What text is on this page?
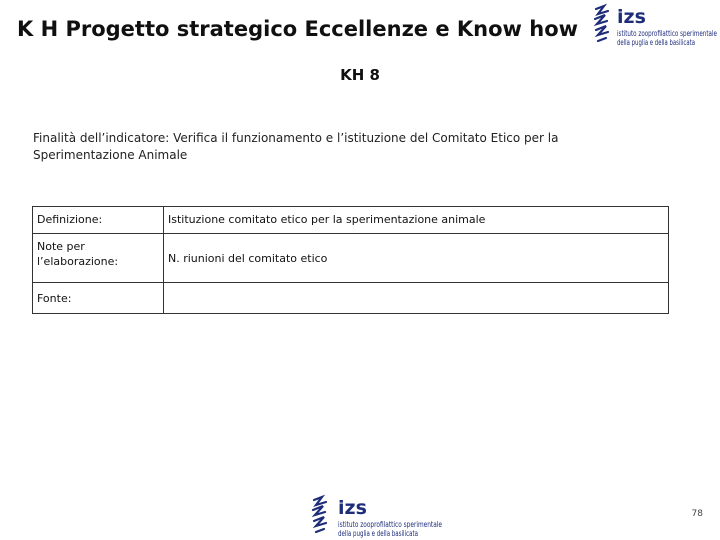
K H Progetto strategico Eccellenze e Know how izs
istituto zooprofilattico sperimentale
della puglia e della basilicata
KH 8
Finalità dell’indicatore: Verifica il funzionamento e l’istituzione del Comitato Etico per la Sperimentazione Animale
Definizione:	Istituzione comitato etico per la sperimentazione animale
Note per l’elaborazione:	N. riunioni del comitato etico
Fonte:	
izs
istituto zooprofilattico sperimentale
della puglia e della basilicata
78
